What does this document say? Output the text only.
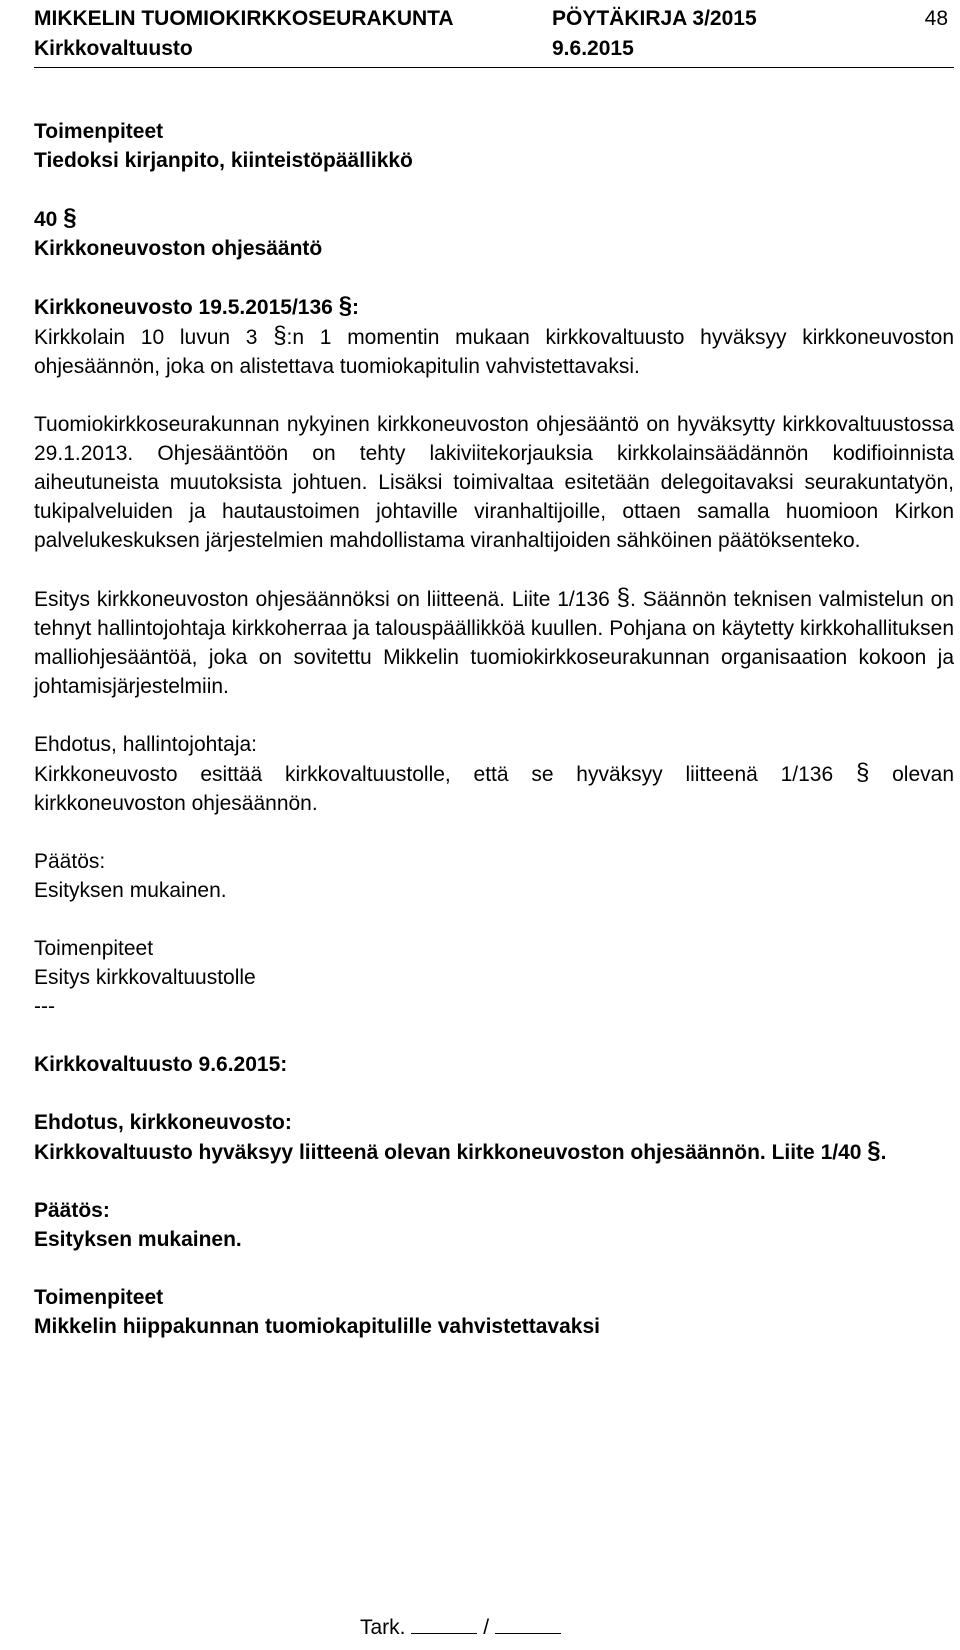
MIKKELIN TUOMIOKIRKKOSEURAKUNTA	PÖYTÄKIRJA 3/2015	48
Kirkkovaltuusto	9.6.2015

Toimenpiteet

Tiedoksi kirjanpito, kiinteistöpäällikkö

40 §

Kirkkoneuvoston ohjesääntö

Kirkkoneuvosto 19.5.2015/136 §:

Kirkkolain 10 luvun 3 §:n 1 momentin mukaan kirkkovaltuusto hyväksyy kirkkoneuvoston ohjesäännön, joka on alistettava tuomiokapitulin vahvistettavaksi.

Tuomiokirkkoseurakunnan nykyinen kirkkoneuvoston ohjesääntö on hyväksytty kirkkovaltuustossa 29.1.2013. Ohjesääntöön on tehty lakiviitekorjauksia kirkkolainsäädännön kodifioinnista aiheutuneista muutoksista johtuen. Lisäksi toimivaltaa esitetään delegoitavaksi seurakuntatyön, tukipalveluiden ja hautaustoimen johtaville viranhaltijoille, ottaen samalla huomioon Kirkon palvelukeskuksen järjestelmien mahdollistama viranhaltijoiden sähköinen päätöksenteko.

Esitys kirkkoneuvoston ohjesäännöksi on liitteenä. Liite 1/136 §. Säännön teknisen valmistelun on tehnyt hallintojohtaja kirkkoherraa ja talouspäällikköä kuullen. Pohjana on käytetty kirkkohallituksen malliohjesääntöä, joka on sovitettu Mikkelin tuomiokirkkoseurakunnan organisaation kokoon ja johtamisjärjestelmiin.

Ehdotus, hallintojohtaja:

Kirkkoneuvosto esittää kirkkovaltuustolle, että se hyväksyy liitteenä 1/136 § olevan kirkkoneuvoston ohjesäännön.

Päätös:

Esityksen mukainen.

Toimenpiteet

Esitys kirkkovaltuustolle

---

Kirkkovaltuusto 9.6.2015:

Ehdotus, kirkkoneuvosto:

Kirkkovaltuusto hyväksyy liitteenä olevan kirkkoneuvoston ohjesäännön. Liite 1/40 §.

Päätös:

Esityksen mukainen.

Toimenpiteet

Mikkelin hiippakunnan tuomiokapitulille vahvistettavaksi

Tark.	/
